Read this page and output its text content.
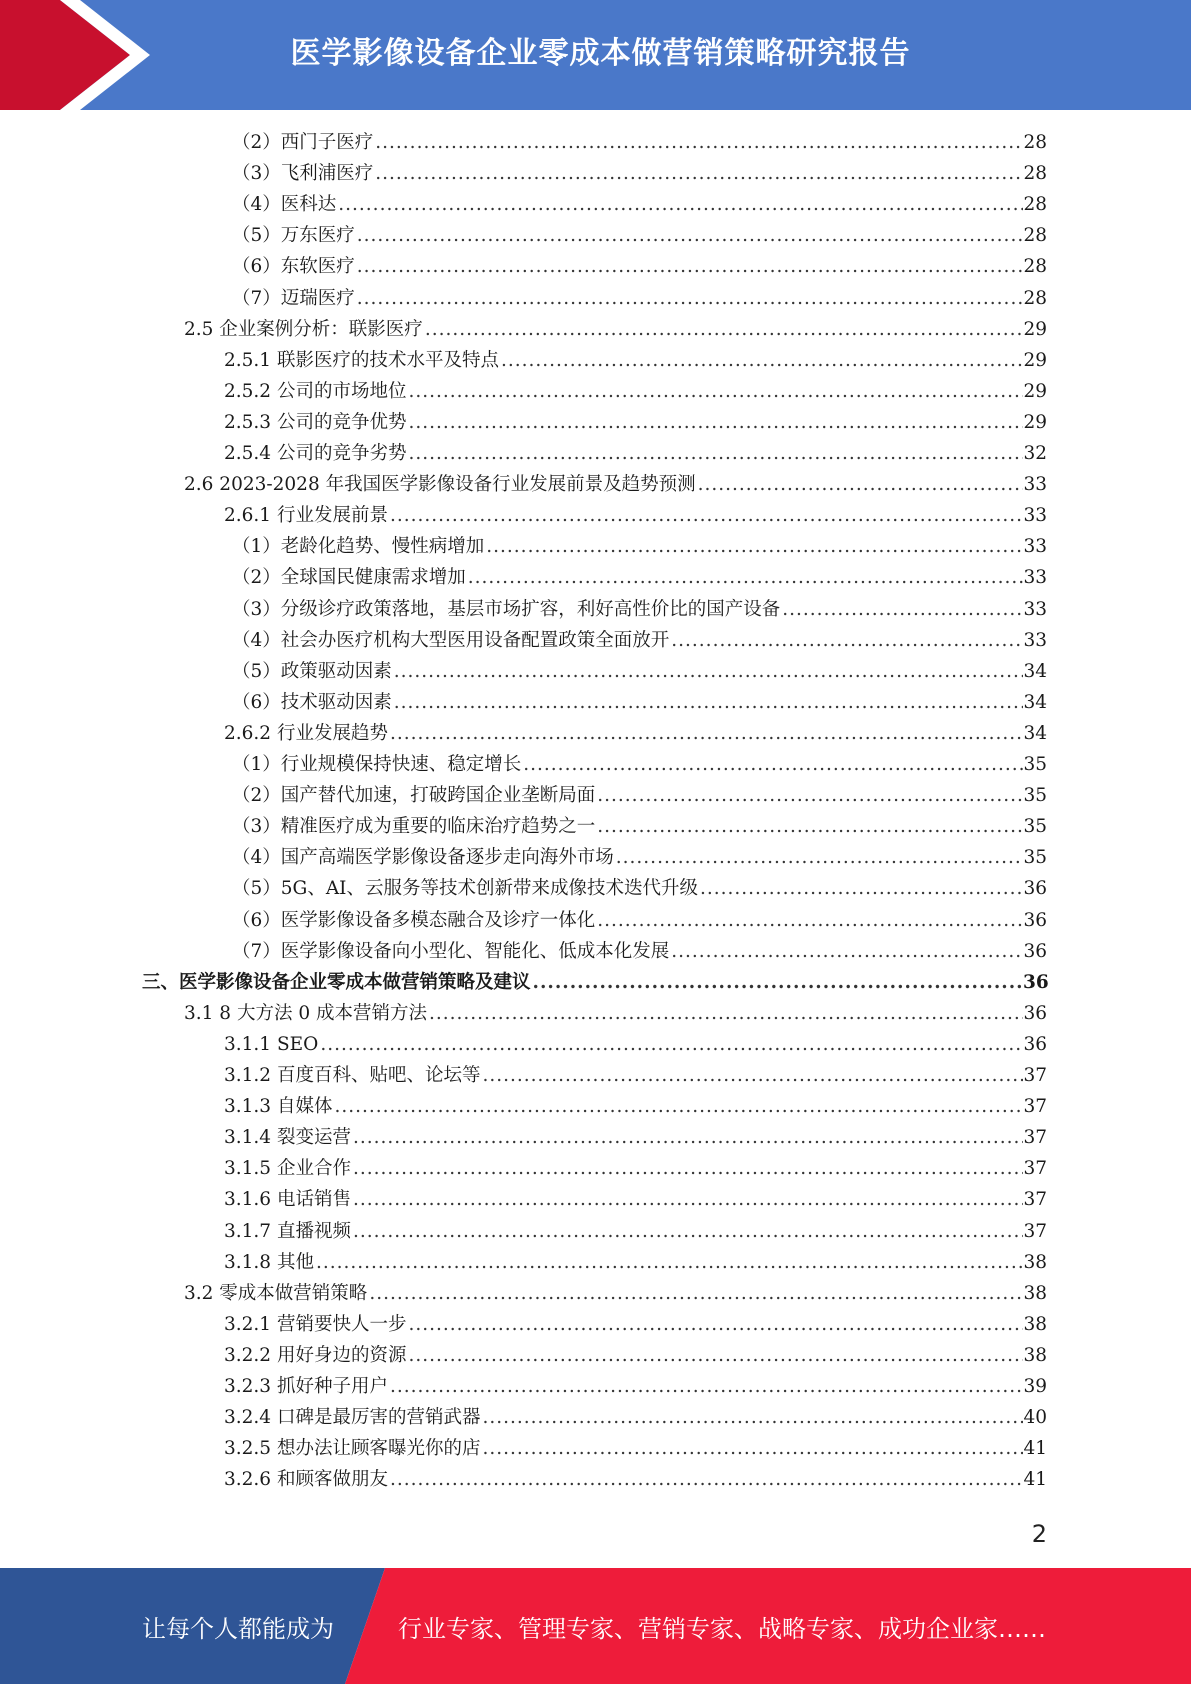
医学影像设备企业零成本做营销策略研究报告
（2）西门子医疗 .....	28
（3）飞利浦医疗 .....	28
（4）医科达 .....	28
（5）万东医疗 .....	28
（6）东软医疗 .....	28
（7）迈瑞医疗 .....	28
2.5 企业案例分析：联影医疗 .....	29
2.5.1 联影医疗的技术水平及特点 .....	29
2.5.2 公司的市场地位 .....	29
2.5.3 公司的竞争优势 .....	29
2.5.4 公司的竞争劣势 .....	32
2.6 2023-2028 年我国医学影像设备行业发展前景及趋势预测 .....	33
2.6.1 行业发展前景 .....	33
（1）老龄化趋势、慢性病增加 .....	33
（2）全球国民健康需求增加 .....	33
（3）分级诊疗政策落地，基层市场扩容，利好高性价比的国产设备 .....	33
（4）社会办医疗机构大型医用设备配置政策全面放开 .....	33
（5）政策驱动因素 .....	34
（6）技术驱动因素 .....	34
2.6.2 行业发展趋势 .....	34
（1）行业规模保持快速、稳定增长 .....	35
（2）国产替代加速，打破跨国企业垄断局面 .....	35
（3）精准医疗成为重要的临床治疗趋势之一 .....	35
（4）国产高端医学影像设备逐步走向海外市场 .....	35
（5）5G、AI、云服务等技术创新带来成像技术迭代升级 .....	36
（6）医学影像设备多模态融合及诊疗一体化 .....	36
（7）医学影像设备向小型化、智能化、低成本化发展 .....	36
三、医学影像设备企业零成本做营销策略及建议 .....	36
3.1 8 大方法 0 成本营销方法 .....	36
3.1.1 SEO .....	36
3.1.2 百度百科、贴吧、论坛等 .....	37
3.1.3 自媒体 .....	37
3.1.4 裂变运营 .....	37
3.1.5 企业合作 .....	37
3.1.6 电话销售 .....	37
3.1.7 直播视频 .....	37
3.1.8 其他 .....	38
3.2 零成本做营销策略 .....	38
3.2.1 营销要快人一步 .....	38
3.2.2 用好身边的资源 .....	38
3.2.3 抓好种子用户 .....	39
3.2.4 口碑是最厉害的营销武器 .....	40
3.2.5 想办法让顾客曝光你的店 .....	41
3.2.6 和顾客做朋友 .....	41
2
让每个人都能成为	行业专家、管理专家、营销专家、战略专家、成功企业家……
